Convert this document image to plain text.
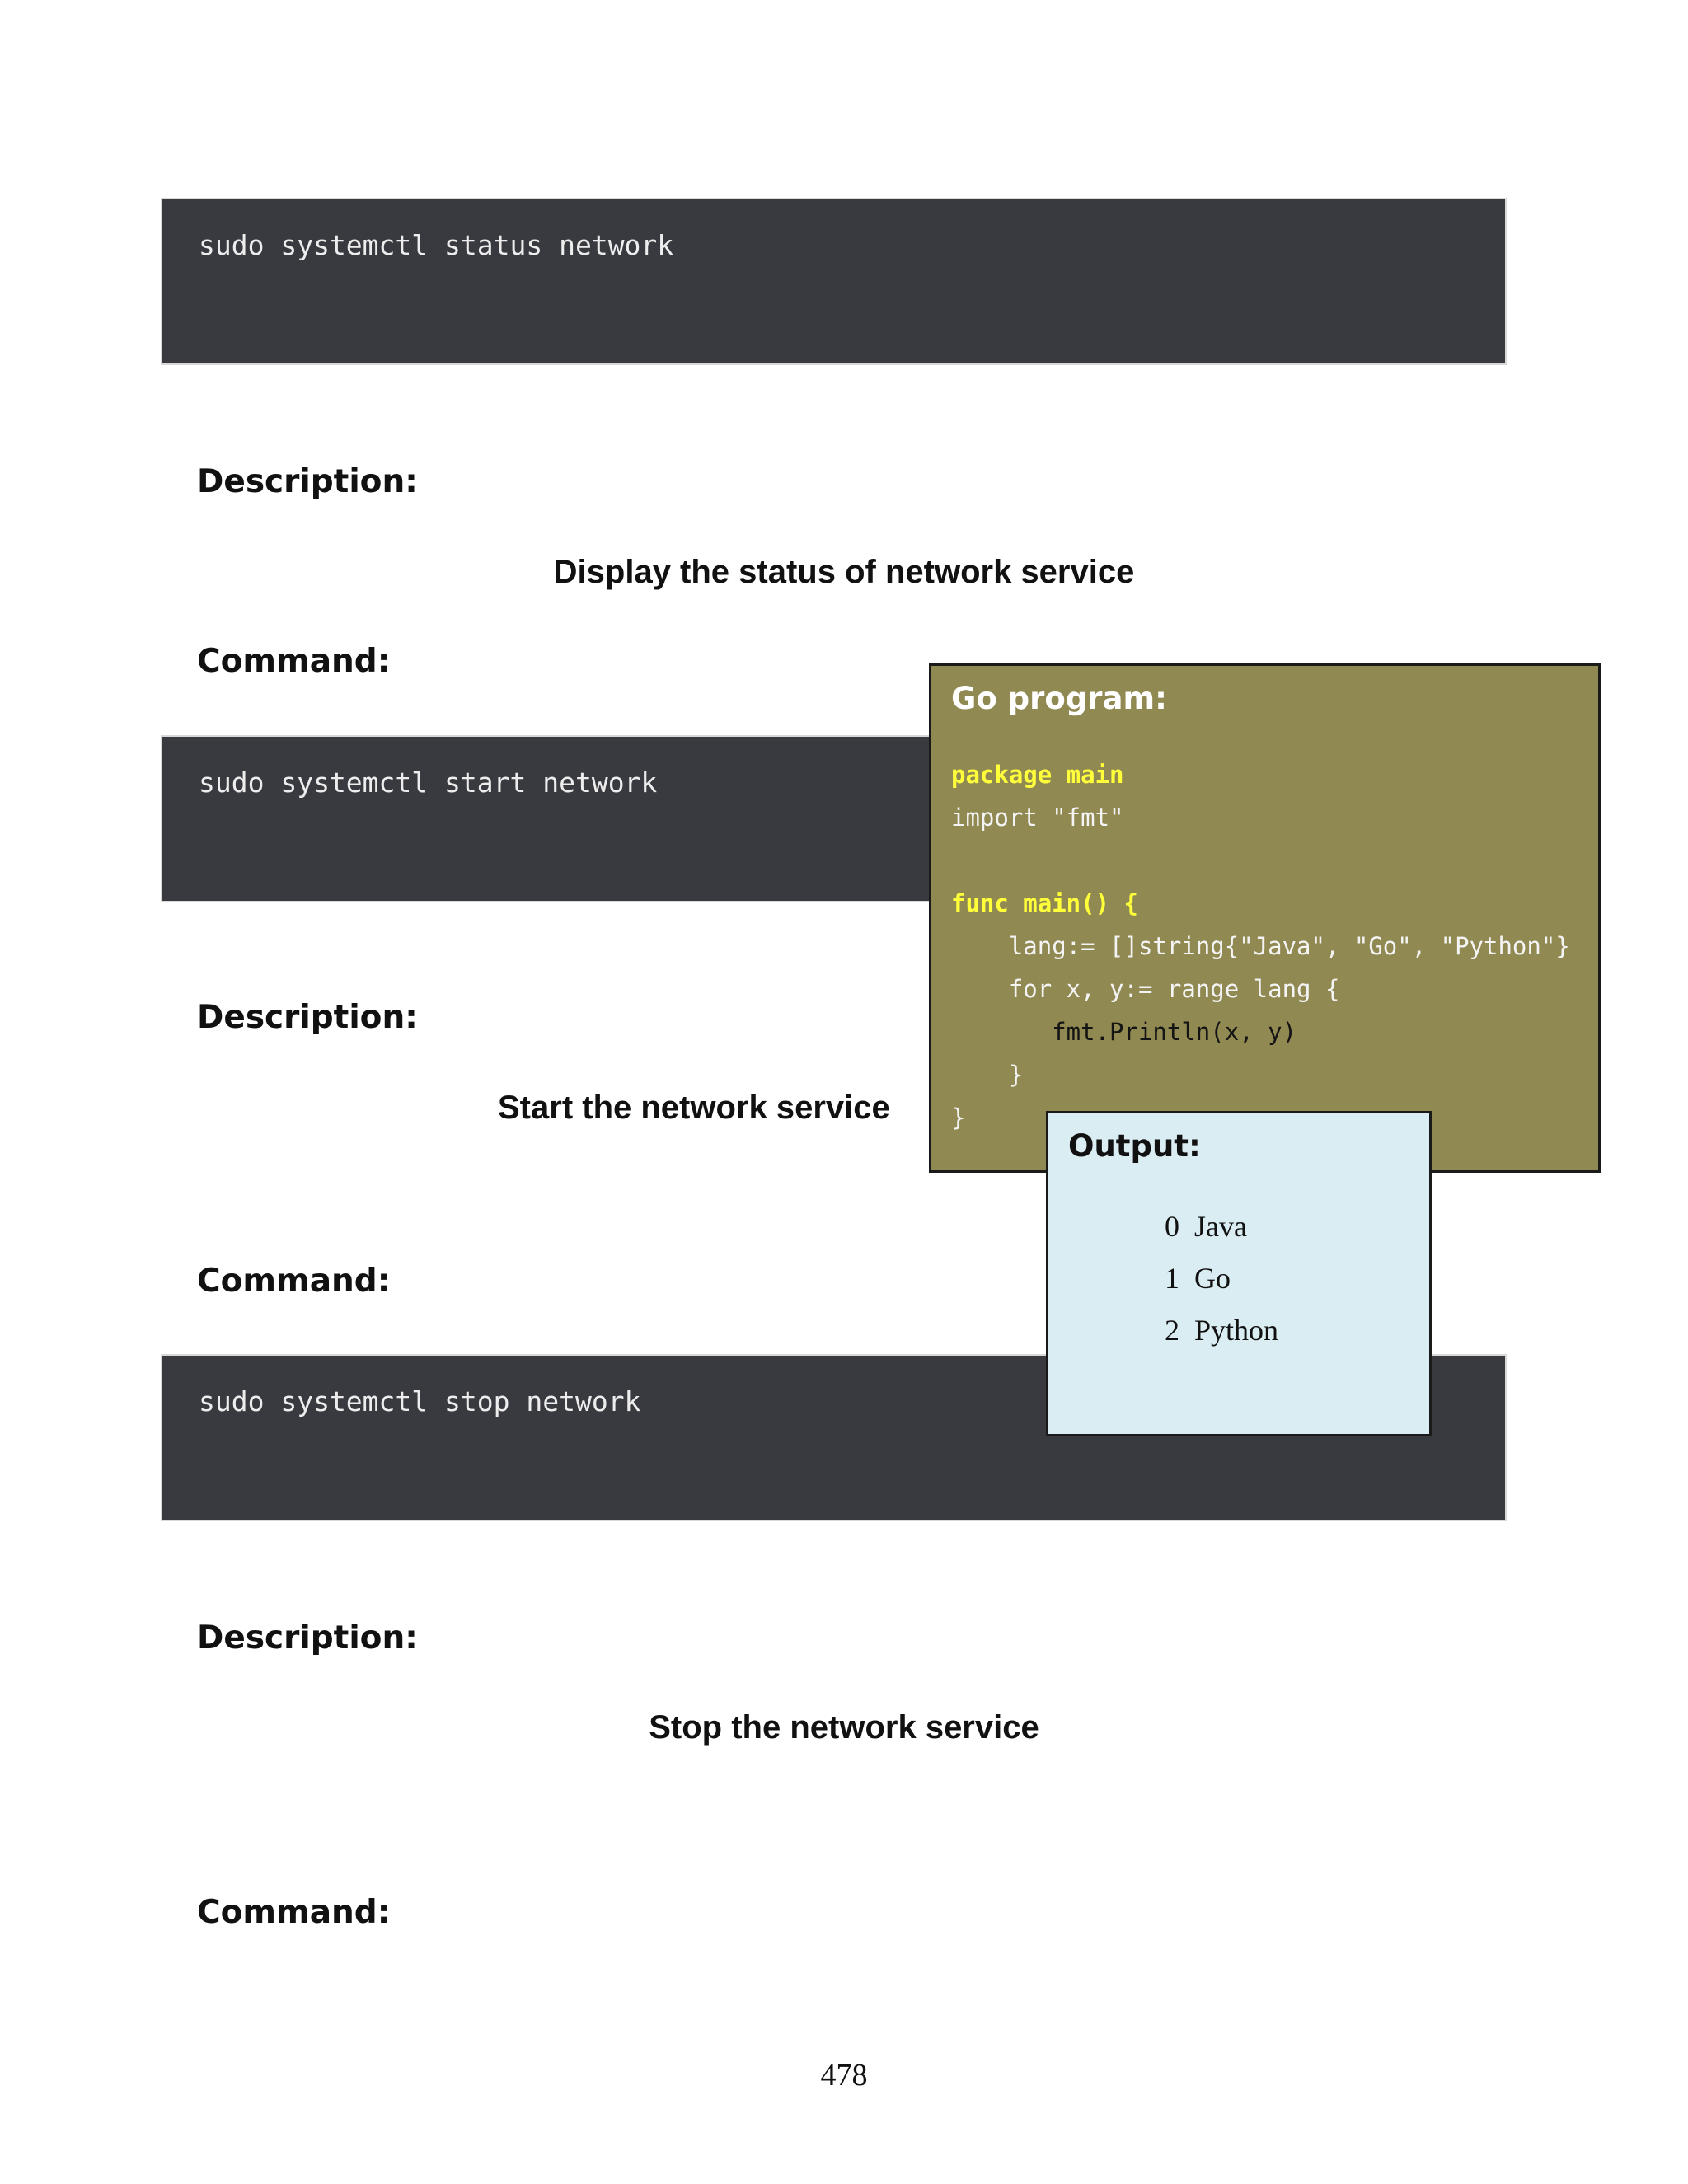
sudo systemctl status network
Description:
Display the status of network service
Command:
sudo systemctl start network
Description:
Start the network service
Command:
sudo systemctl stop network
Description:
Stop the network service
Command:
Go program:
package main
import "fmt"
func main() {
lang:= []string{"Java", "Go", "Python"}
for x, y:= range lang {
fmt.Println(x, y)
}
}
Output:
0  Java
1  Go
2  Python
478
